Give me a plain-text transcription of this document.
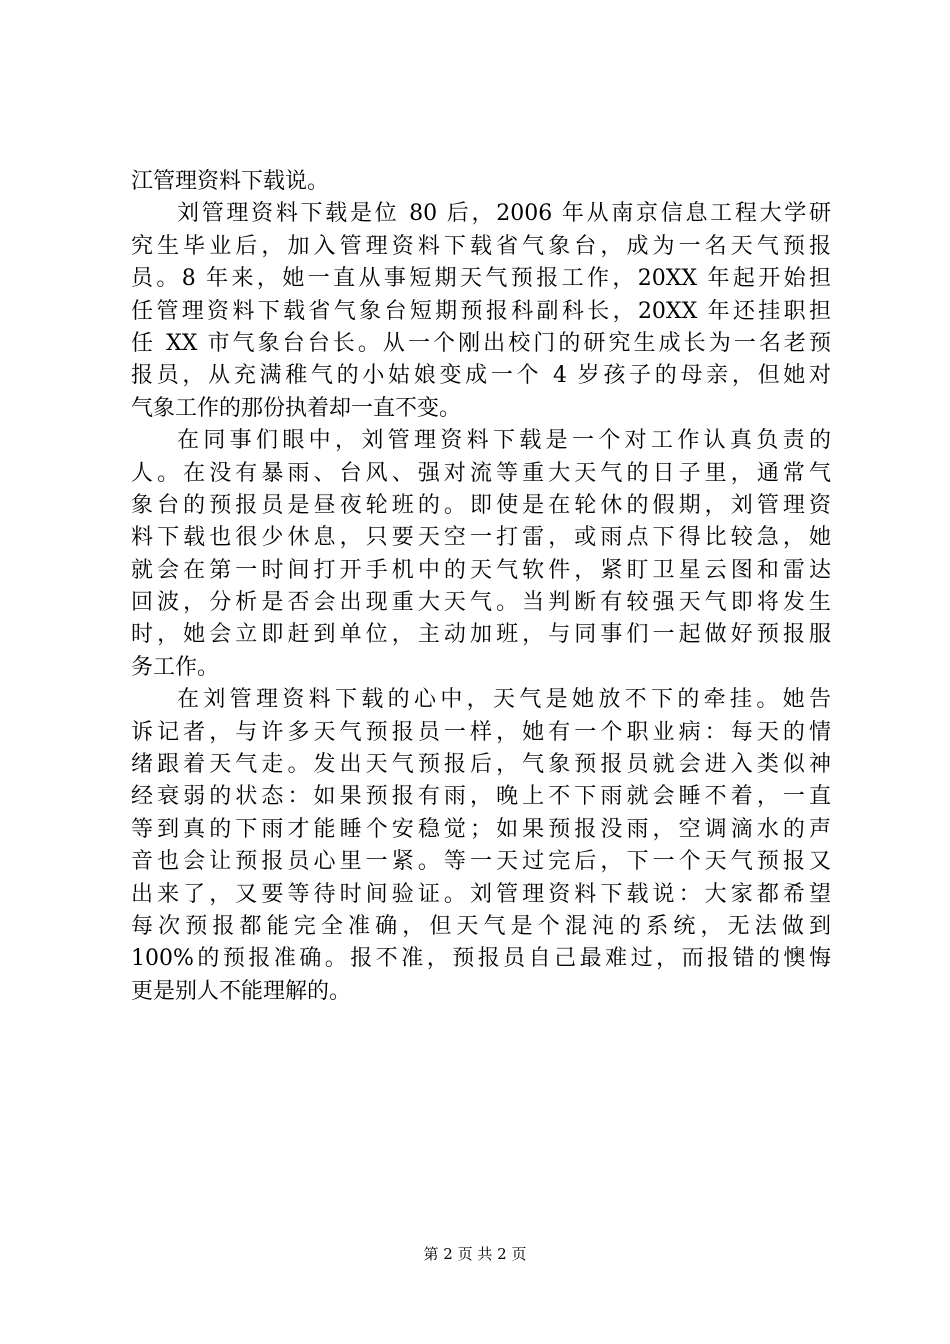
江管理资料下载说。
刘管理资料下载是位 80 后，2006 年从南京信息工程大学研
究生毕业后，加入管理资料下载省气象台，成为一名天气预报
员。8 年来，她一直从事短期天气预报工作，20XX 年起开始担
任管理资料下载省气象台短期预报科副科长，20XX 年还挂职担
任 XX 市气象台台长。从一个刚出校门的研究生成长为一名老预
报员，从充满稚气的小姑娘变成一个 4 岁孩子的母亲，但她对
气象工作的那份执着却一直不变。
在同事们眼中，刘管理资料下载是一个对工作认真负责的
人。在没有暴雨、台风、强对流等重大天气的日子里，通常气
象台的预报员是昼夜轮班的。即使是在轮休的假期，刘管理资
料下载也很少休息，只要天空一打雷，或雨点下得比较急，她
就会在第一时间打开手机中的天气软件，紧盯卫星云图和雷达
回波，分析是否会出现重大天气。当判断有较强天气即将发生
时，她会立即赶到单位，主动加班，与同事们一起做好预报服
务工作。
在刘管理资料下载的心中，天气是她放不下的牵挂。她告
诉记者，与许多天气预报员一样，她有一个职业病：每天的情
绪跟着天气走。发出天气预报后，气象预报员就会进入类似神
经衰弱的状态：如果预报有雨，晚上不下雨就会睡不着，一直
等到真的下雨才能睡个安稳觉；如果预报没雨，空调滴水的声
音也会让预报员心里一紧。等一天过完后，下一个天气预报又
出来了，又要等待时间验证。刘管理资料下载说：大家都希望
每次预报都能完全准确，但天气是个混沌的系统，无法做到
100%的预报准确。报不准，预报员自己最难过，而报错的懊悔
更是别人不能理解的。
第 2 页 共 2 页
